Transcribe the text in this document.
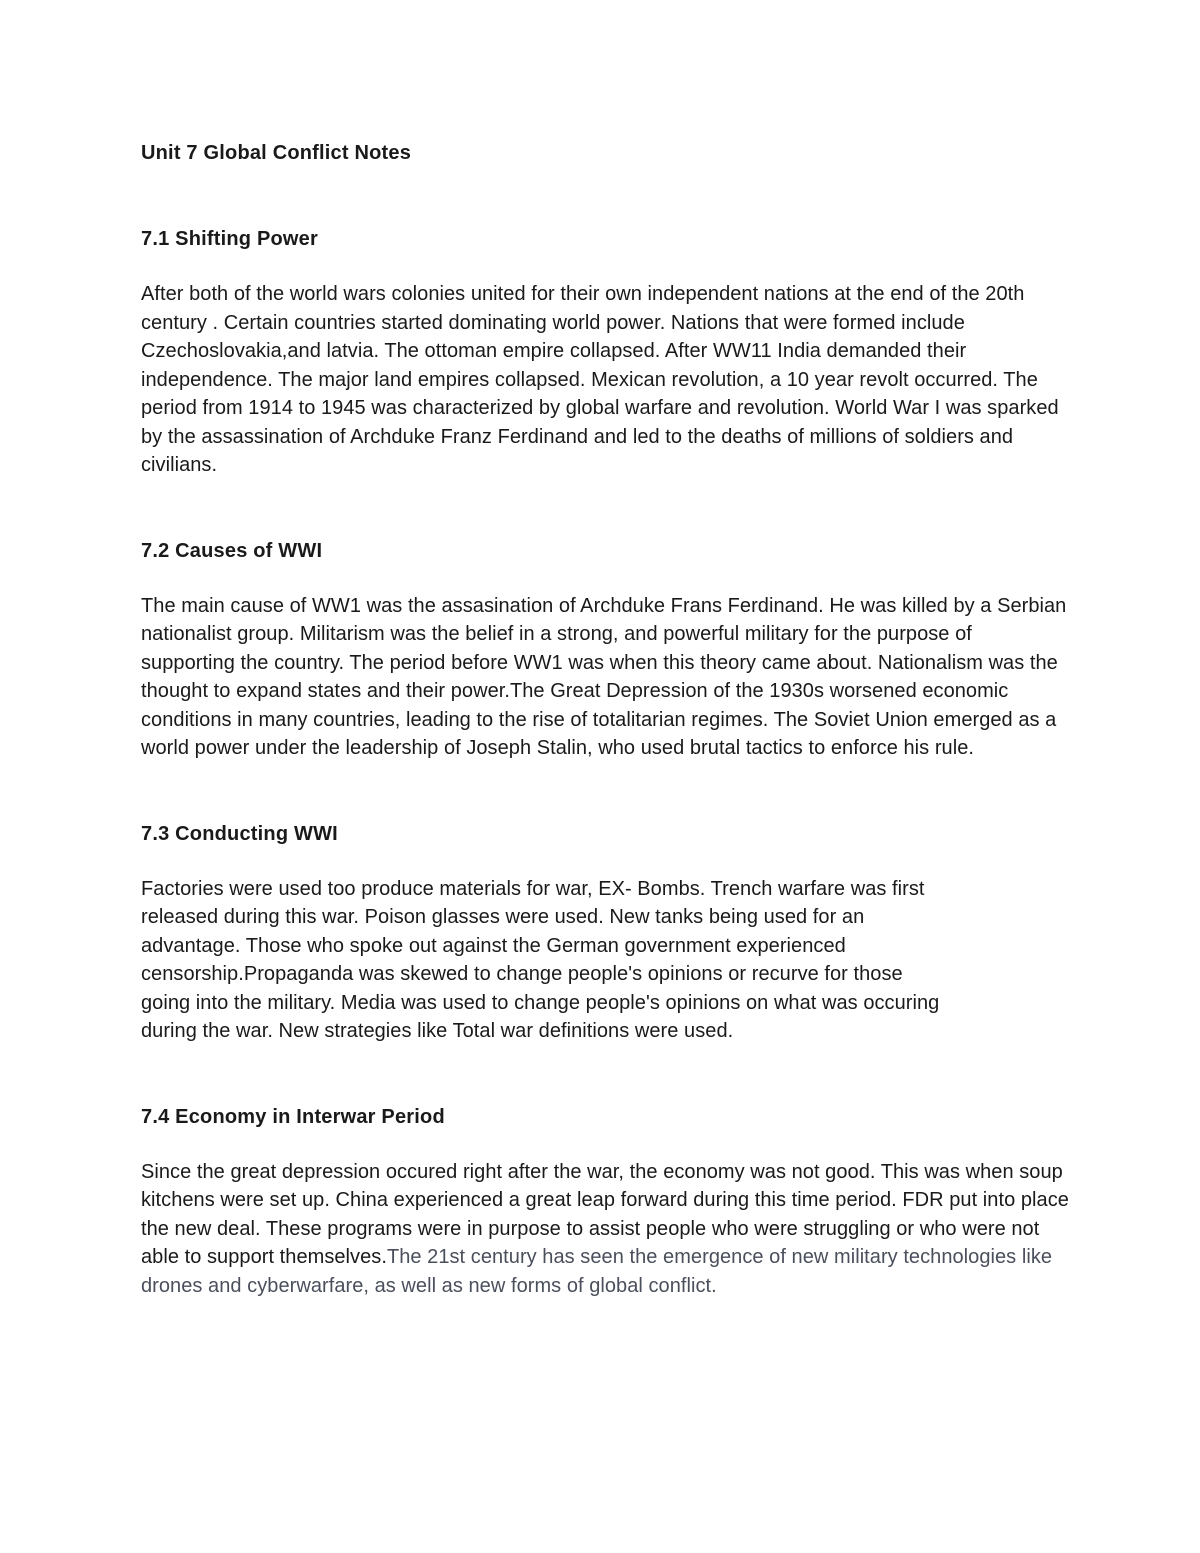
Unit 7 Global Conflict Notes
7.1 Shifting Power

After both of the world wars colonies united for their own independent nations at the end of the 20th century . Certain countries started dominating world power. Nations that were formed include Czechoslovakia,and latvia. The ottoman empire collapsed. After WW11 India demanded their independence. The major land empires collapsed. Mexican revolution, a 10 year revolt occurred. The period from 1914 to 1945 was characterized by global warfare and revolution. World War I was sparked by the assassination of Archduke Franz Ferdinand and led to the deaths of millions of soldiers and civilians.

7.2 Causes of WWI

The main cause of WW1 was the assasination of Archduke Frans Ferdinand. He was killed by a Serbian nationalist group. Militarism was the belief in a strong, and powerful military for the purpose of supporting the country. The period before WW1 was when this theory came about. Nationalism was the thought to expand states and their power.The Great Depression of the 1930s worsened economic conditions in many countries, leading to the rise of totalitarian regimes. The Soviet Union emerged as a world power under the leadership of Joseph Stalin, who used brutal tactics to enforce his rule.

7.3 Conducting WWI

Factories were used too produce materials for war, EX- Bombs. Trench warfare was first released during this war. Poison glasses were used. New tanks being used for an advantage. Those who spoke out against the German government experienced censorship.Propaganda was skewed to change people's opinions or recurve for those going into the military. Media was used to change people's opinions on what was occuring during the war. New strategies like Total war definitions were used.

7.4 Economy in Interwar Period

Since the great depression occured right after the war, the economy was not good. This was when soup kitchens were set up. China experienced a great leap forward during this time period. FDR put into place the new deal. These programs were in purpose to assist people who were struggling or who were not able to support themselves.The 21st century has seen the emergence of new military technologies like drones and cyberwarfare, as well as new forms of global conflict.
